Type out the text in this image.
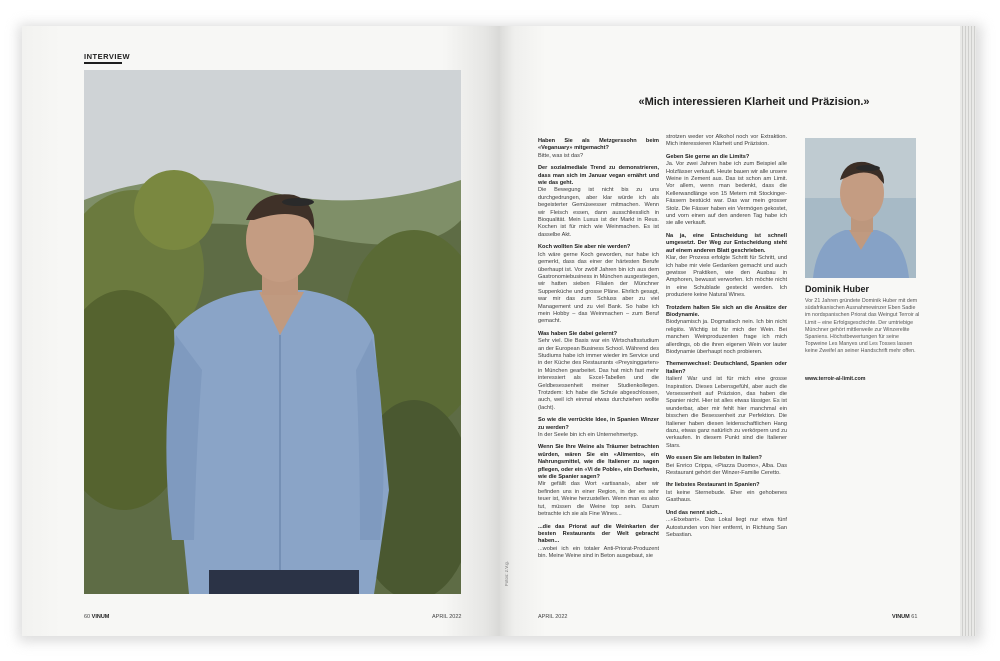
INTERVIEW
60 VINUM	APRIL 2022
«Mich interessieren Klarheit und Präzision.»
Haben Sie als Metzgerssohn beim «Veganuary» mitgemacht?
Bitte, was ist das?
Der sozialmediale Trend zu demonstrieren, dass man sich im Januar vegan ernährt und wie das geht.
Die Bewegung ist nicht bis zu uns durchgedrungen, aber klar würde ich als begeisterter Gemüseesser mitmachen. Wenn wir Fleisch essen, dann ausschliesslich in Bioqualität. Mein Luxus ist der Markt in Reus. Kochen ist für mich wie Weinmachen. Es ist dasselbe Akt.
Koch wollten Sie aber nie werden?
Ich wäre gerne Koch geworden, nur habe ich gemerkt, dass das einer der härtesten Berufe überhaupt ist. Vor zwölf Jahren bin ich aus dem Gastronomiebusiness in München ausgestiegen, wir hatten sieben Filialen der Münchner Suppenküche und grosse Pläne. Ehrlich gesagt, war mir das zum Schluss aber zu viel Management und zu viel Bank. So habe ich mein Hobby – das Weinmachen – zum Beruf gemacht.
Was haben Sie dabei gelernt?
Sehr viel. Die Basis war ein Wirtschaftsstudium an der European Business School. Während des Studiums habe ich immer wieder im Service und in der Küche des Restaurants «Preysinggarten» in München gearbeitet. Das hat mich fast mehr interessiert als Excel-Tabellen und die Geldbesessenheit meiner Studienkollegen. Trotzdem: Ich habe die Schule abgeschlossen, auch, weil ich einmal etwas durchziehen wollte (lacht).
So wie die verrückte Idee, in Spanien Winzer zu werden?
In der Seele bin ich ein Unternehmertyp.
Wenn Sie Ihre Weine als Träumer betrachten würden, wären Sie ein «Alimento», ein Nahrungsmittel, wie die Italiener zu sagen pflegen, oder ein «Vi de Poble», ein Dorfwein, wie die Spanier sagen?
Mir gefällt das Wort «artisanal», aber wir befinden uns in einer Region, in der es sehr teuer ist, Weine herzustellen. Wenn man es also tut, müssen die Weine top sein. Darum betrachte ich sie als Fine Wines...
...die das Priorat auf die Weinkarten der besten Restaurants der Welt gebracht haben...
...wobei ich ein totaler Anti-Priorat-Produzent bin. Meine Weine sind in Beton ausgebaut, sie
strotzen weder vor Alkohol noch vor Extraktion. Mich interessieren Klarheit und Präzision.
Geben Sie gerne an die Limits?
Ja. Vor zwei Jahren habe ich zum Beispiel alle Holzfässer verkauft. Heute bauen wir alle unsere Weine in Zement aus. Das ist schon am Limit. Vor allem, wenn man bedenkt, dass die Kellerwandlänge von 15 Metern mit Stockinger-Fässern bestückt war. Das war mein grosser Stolz. Die Fässer haben ein Vermögen gekostet, und vorn einen auf den anderen Tag habe ich sie alle verkauft.
Na ja, eine Entscheidung ist schnell umgesetzt. Der Weg zur Entscheidung steht auf einem anderen Blatt geschrieben.
Klar, der Prozess erfolgte Schritt für Schritt, und ich habe mir viele Gedanken gemacht und auch gewisse Praktiken, wie den Ausbau in Amphoren, bewusst verworfen. Ich möchte nicht in eine Schublade gesteckt werden. Ich produziere keine Natural Wines.
Trotzdem halten Sie sich an die Ansätze der Biodynamie.
Biodynamisch ja. Dogmatisch nein. Ich bin nicht religiös. Wichtig ist für mich der Wein. Bei manchen Weinproduzenten frage ich mich allerdings, ob die ihren eigenen Wein vor lauter Biodynamie überhaupt noch probieren.
Themenwechsel: Deutschland, Spanien oder Italien?
Italien! War und ist für mich eine grosse Inspiration. Dieses Lebensgefühl, aber auch die Versessenheit auf Präzision, das haben die Spanier nicht. Hier ist alles etwas lässiger. Es ist wunderbar, aber mir fehlt hier manchmal ein bisschen die Besessenheit zur Perfektion. Die Italiener haben diesen leidenschaftlichen Hang dazu, etwas ganz natürlich zu verkörpern und zu verkaufen. In diesem Punkt sind die Italiener Stars.
Wo essen Sie am liebsten in Italien?
Bei Enrico Crippa, «Piazza Duomo», Alba. Das Restaurant gehört der Winzer-Familie Ceretto.
Ihr liebstes Restaurant in Spanien?
Ist keine Sternebude. Eher ein gehobenes Gasthaus.
Und das nennt sich...
...«Etxebarri». Das Lokal liegt nur etwa fünf Autostunden von hier entfernt, in Richtung San Sebastian.
Dominik Huber
Vor 21 Jahren gründete Dominik Huber mit dem südafrikanischen Ausnahmewinzer Eben Sadie im nordspanischen Priorat das Weingut Terroir al Limit – eine Erfolgsgeschichte. Der umtriebige Münchner gehört mittlerweile zur Winzerelite Spaniens. Höchstbewertungen für seine Topweine Les Manyes und Les Tosses lassen keine Zweifel an seiner Handschrift mehr offen.
www.terroir-al-limit.com
APRIL 2022	VINUM 61
Fotos: z.V.g.
